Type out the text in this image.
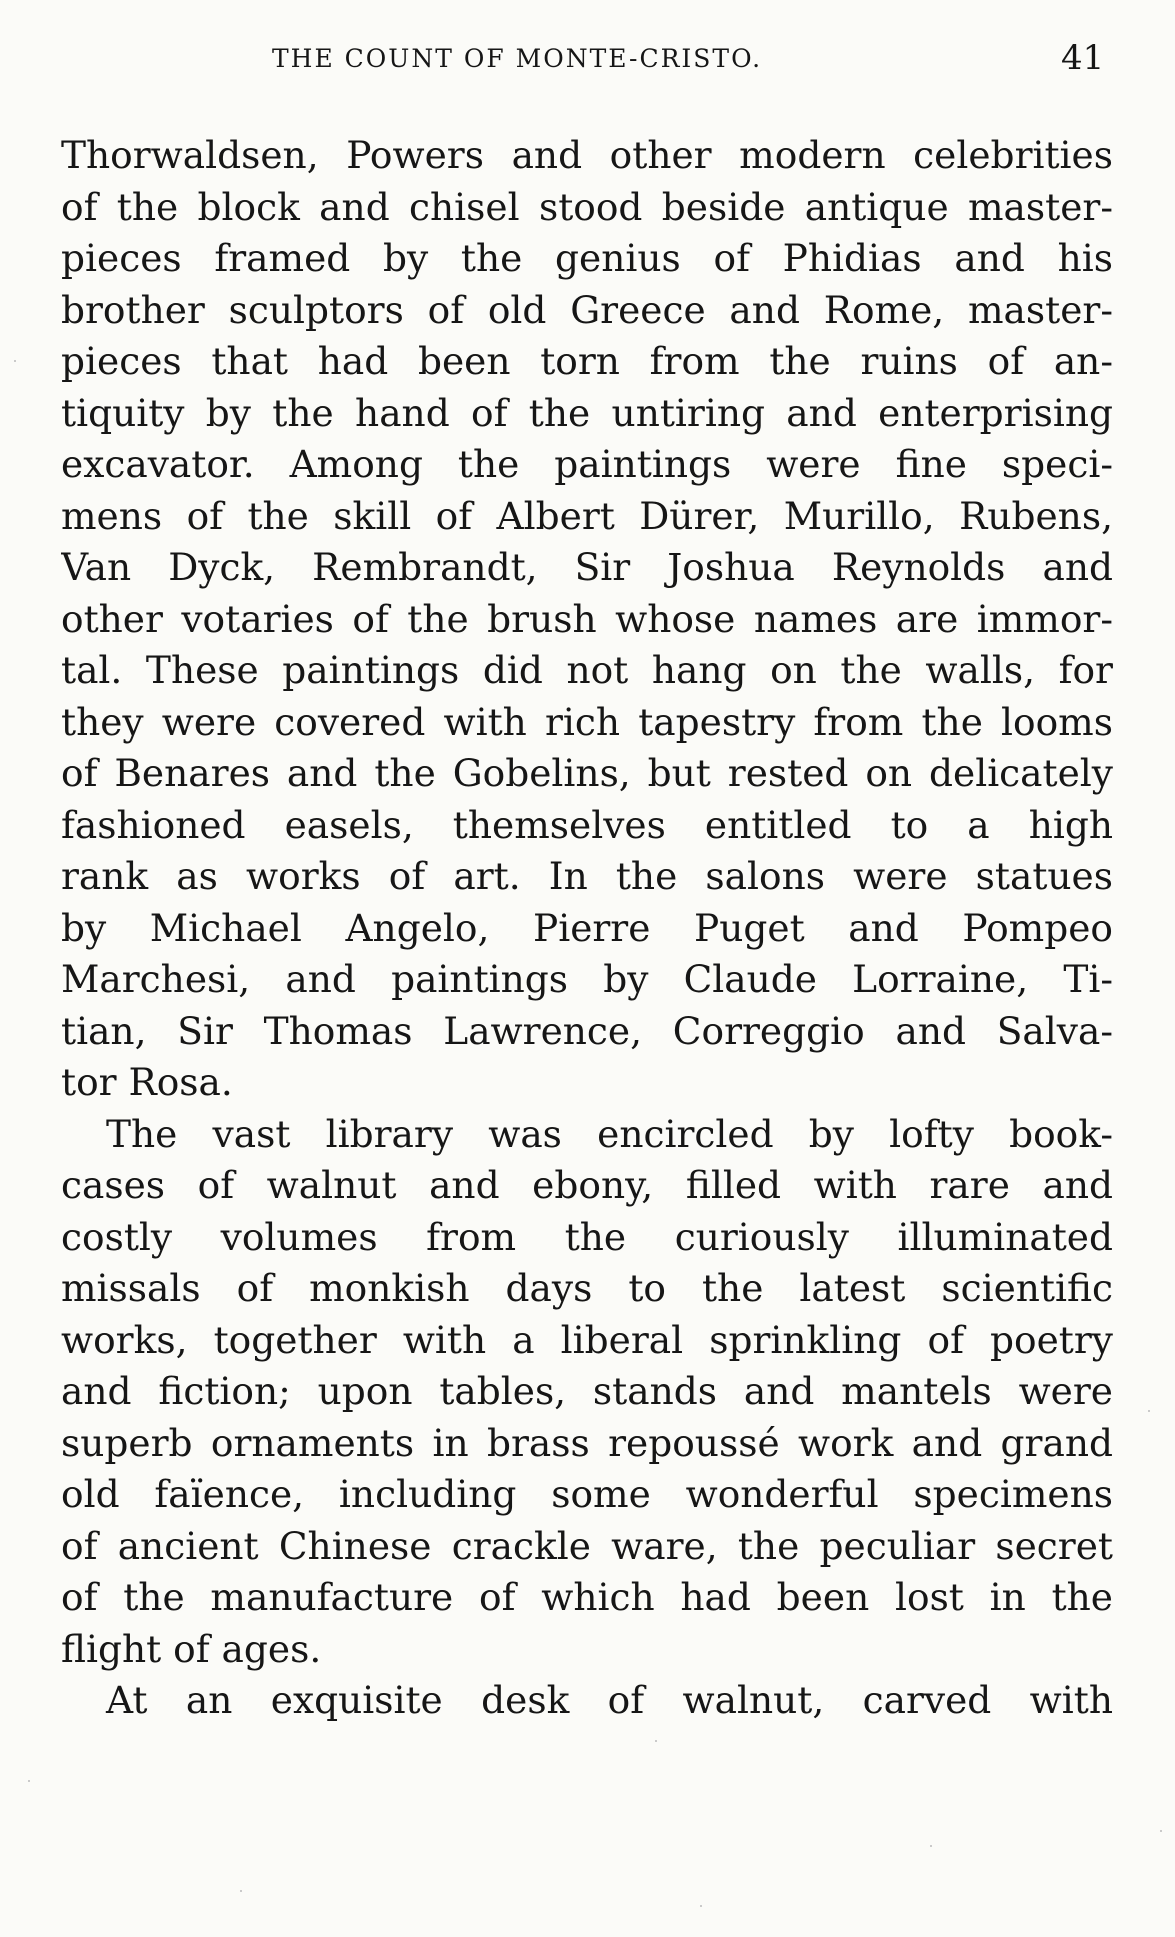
THE COUNT OF MONTE-CRISTO.	41
Thorwaldsen, Powers and other modern celebrities
of the block and chisel stood beside antique master-
pieces framed by the genius of Phidias and his
brother sculptors of old Greece and Rome, master-
pieces that had been torn from the ruins of an-
tiquity by the hand of the untiring and enterprising
excavator. Among the paintings were fine speci-
mens of the skill of Albert Dürer, Murillo, Rubens,
Van Dyck, Rembrandt, Sir Joshua Reynolds and
other votaries of the brush whose names are immor-
tal. These paintings did not hang on the walls, for
they were covered with rich tapestry from the looms
of Benares and the Gobelins, but rested on delicately
fashioned easels, themselves entitled to a high
rank as works of art. In the salons were statues
by Michael Angelo, Pierre Puget and Pompeo
Marchesi, and paintings by Claude Lorraine, Ti-
tian, Sir Thomas Lawrence, Correggio and Salva-
tor Rosa.
The vast library was encircled by lofty book-
cases of walnut and ebony, filled with rare and
costly volumes from the curiously illuminated
missals of monkish days to the latest scientific
works, together with a liberal sprinkling of poetry
and fiction; upon tables, stands and mantels were
superb ornaments in brass repoussé work and grand
old faïence, including some wonderful specimens
of ancient Chinese crackle ware, the peculiar secret
of the manufacture of which had been lost in the
flight of ages.
At an exquisite desk of walnut, carved with
